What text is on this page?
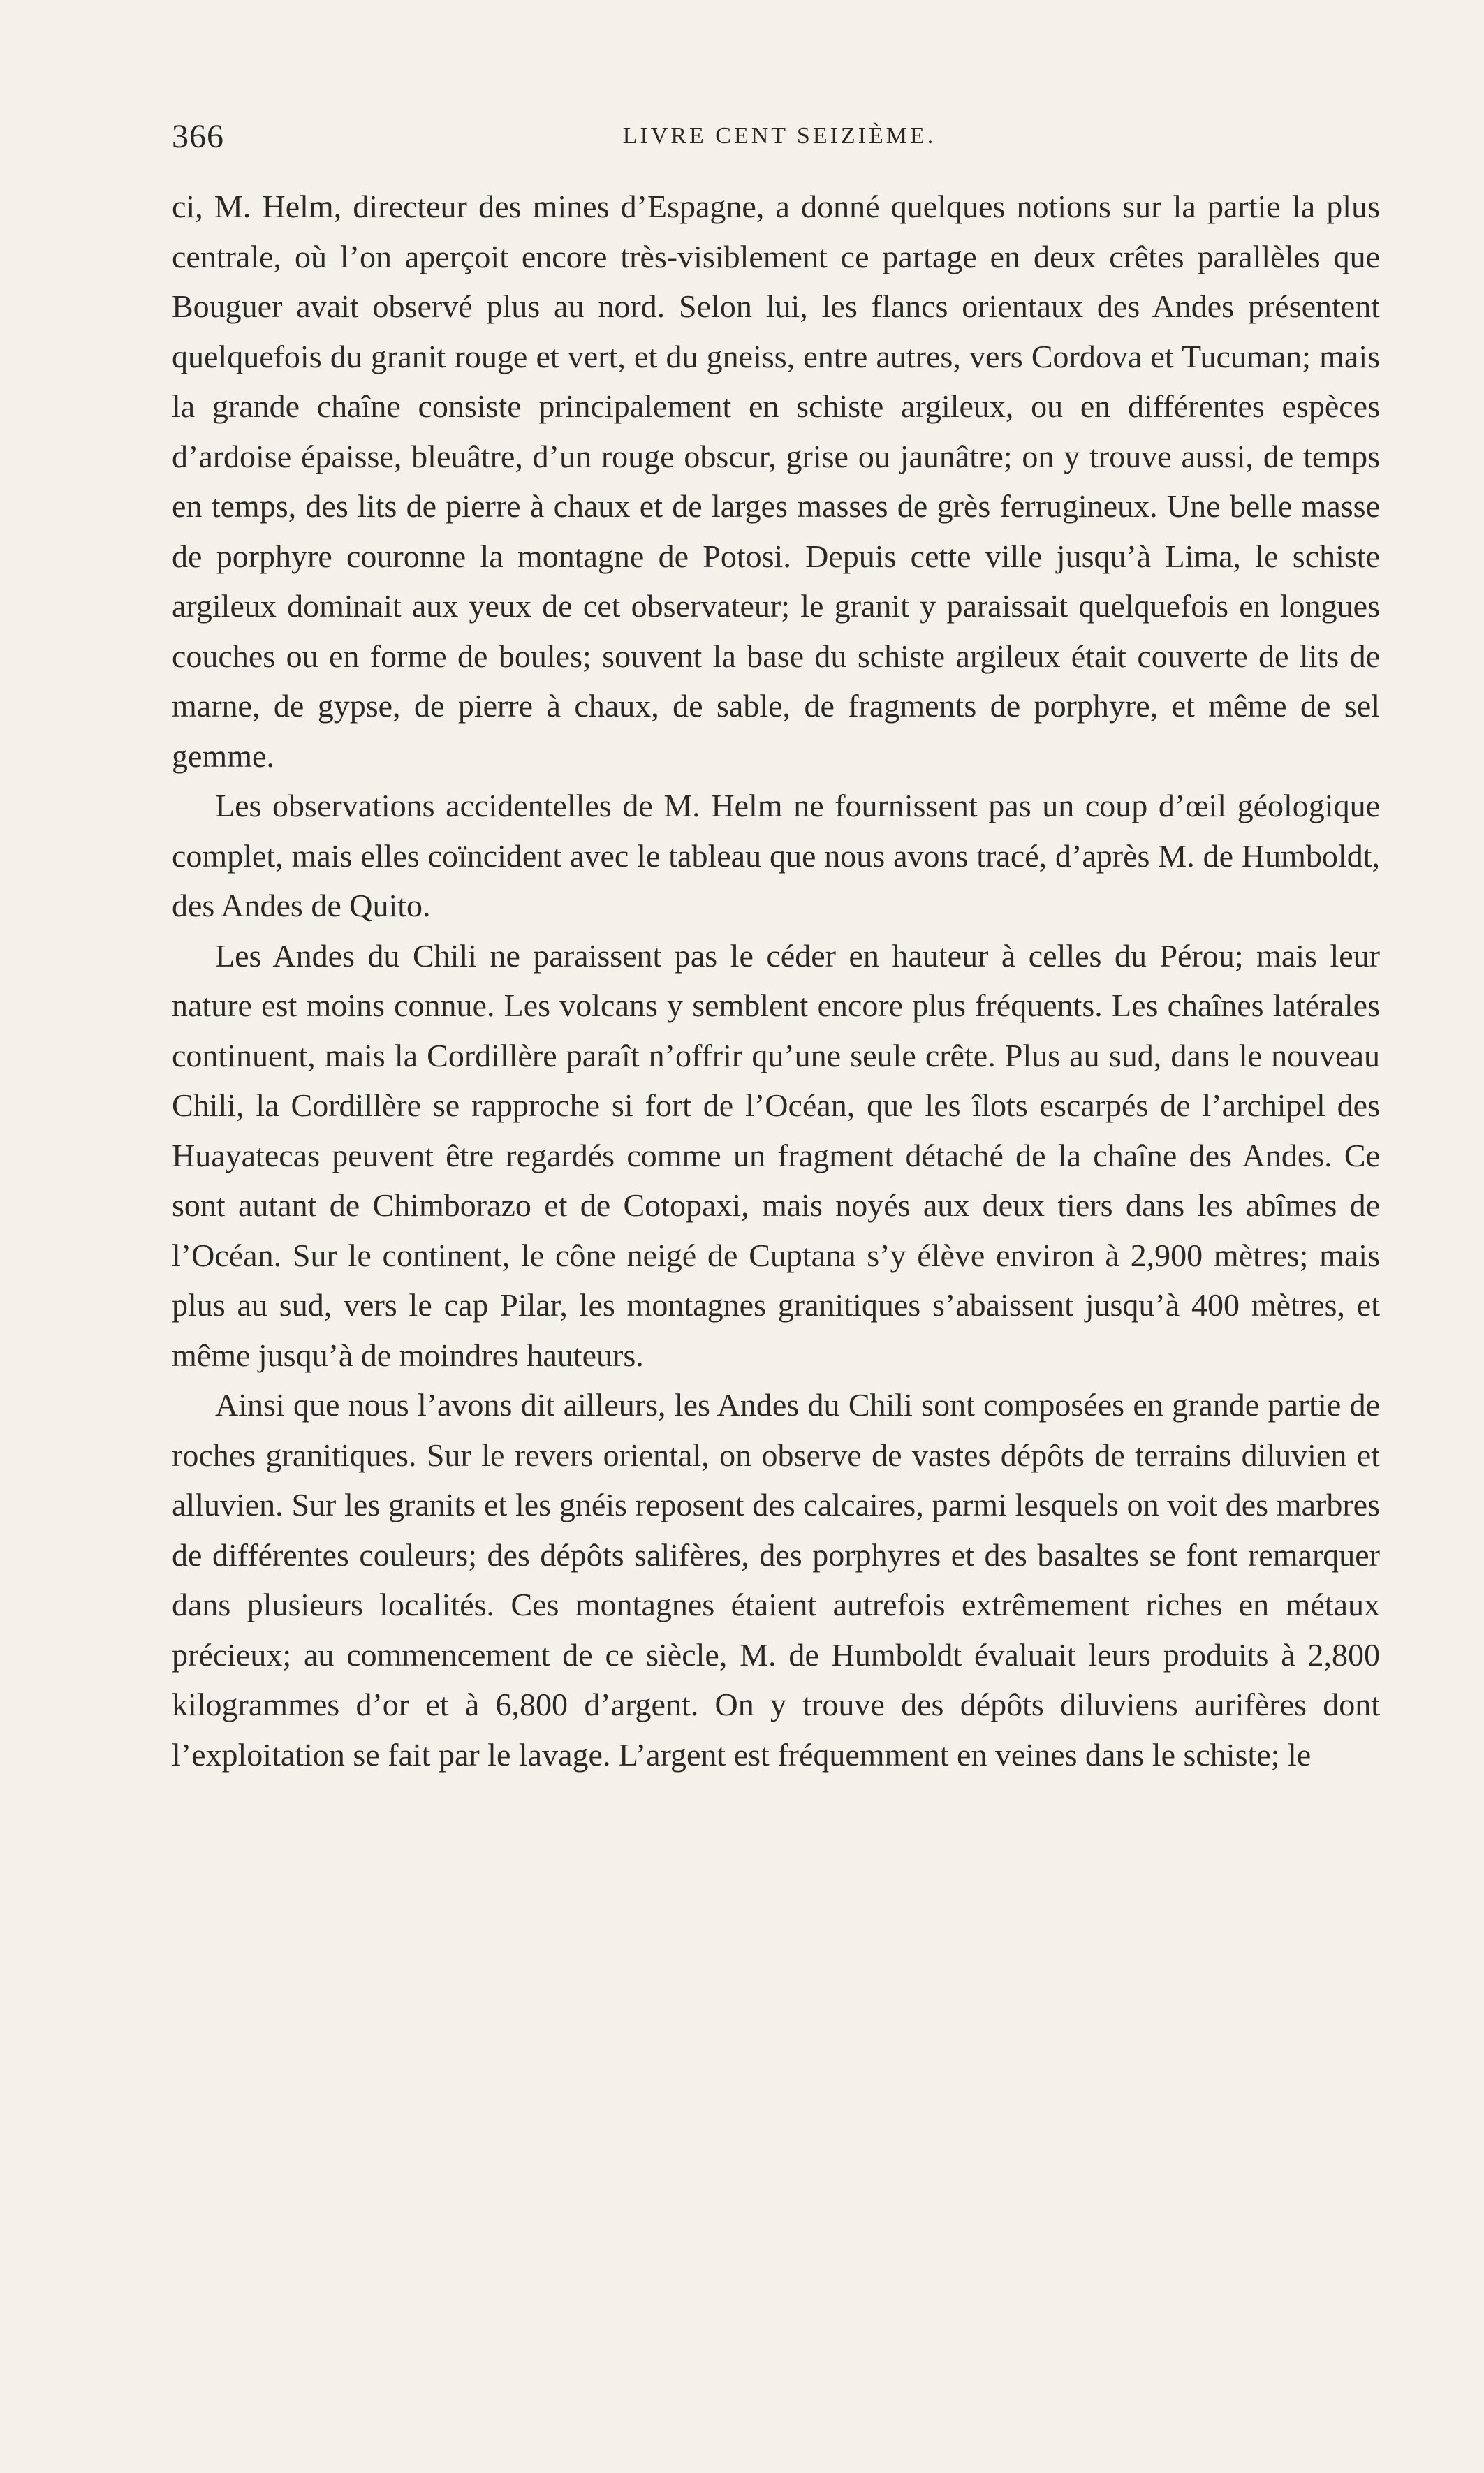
366	LIVRE CENT SEIZIÈME.

ci, M. Helm, directeur des mines d’Espagne, a donné quelques notions sur la partie la plus centrale, où l’on aperçoit encore très-visiblement ce partage en deux crêtes parallèles que Bouguer avait observé plus au nord. Selon lui, les flancs orientaux des Andes présentent quelquefois du granit rouge et vert, et du gneiss, entre autres, vers Cordova et Tucuman; mais la grande chaîne consiste principalement en schiste argileux, ou en différentes espèces d’ardoise épaisse, bleuâtre, d’un rouge obscur, grise ou jaunâtre; on y trouve aussi, de temps en temps, des lits de pierre à chaux et de larges masses de grès ferrugineux. Une belle masse de porphyre couronne la montagne de Potosi. Depuis cette ville jusqu’à Lima, le schiste argileux dominait aux yeux de cet observateur; le granit y paraissait quelquefois en longues couches ou en forme de boules; souvent la base du schiste argileux était couverte de lits de marne, de gypse, de pierre à chaux, de sable, de fragments de porphyre, et même de sel gemme.

Les observations accidentelles de M. Helm ne fournissent pas un coup d’œil géologique complet, mais elles coïncident avec le tableau que nous avons tracé, d’après M. de Humboldt, des Andes de Quito.

Les Andes du Chili ne paraissent pas le céder en hauteur à celles du Pérou; mais leur nature est moins connue. Les volcans y semblent encore plus fréquents. Les chaînes latérales continuent, mais la Cordillère paraît n’offrir qu’une seule crête. Plus au sud, dans le nouveau Chili, la Cordillère se rapproche si fort de l’Océan, que les îlots escarpés de l’archipel des Huayatecas peuvent être regardés comme un fragment détaché de la chaîne des Andes. Ce sont autant de Chimborazo et de Cotopaxi, mais noyés aux deux tiers dans les abîmes de l’Océan. Sur le continent, le cône neigé de Cuptana s’y élève environ à 2,900 mètres; mais plus au sud, vers le cap Pilar, les montagnes granitiques s’abaissent jusqu’à 400 mètres, et même jusqu’à de moindres hauteurs.

Ainsi que nous l’avons dit ailleurs, les Andes du Chili sont composées en grande partie de roches granitiques. Sur le revers oriental, on observe de vastes dépôts de terrains diluvien et alluvien. Sur les granits et les gnéis reposent des calcaires, parmi lesquels on voit des marbres de différentes couleurs; des dépôts salifères, des porphyres et des basaltes se font remarquer dans plusieurs localités. Ces montagnes étaient autrefois extrêmement riches en métaux précieux; au commencement de ce siècle, M. de Humboldt évaluait leurs produits à 2,800 kilogrammes d’or et à 6,800 d’argent. On y trouve des dépôts diluviens aurifères dont l’exploitation se fait par le lavage. L’argent est fréquemment en veines dans le schiste; le
